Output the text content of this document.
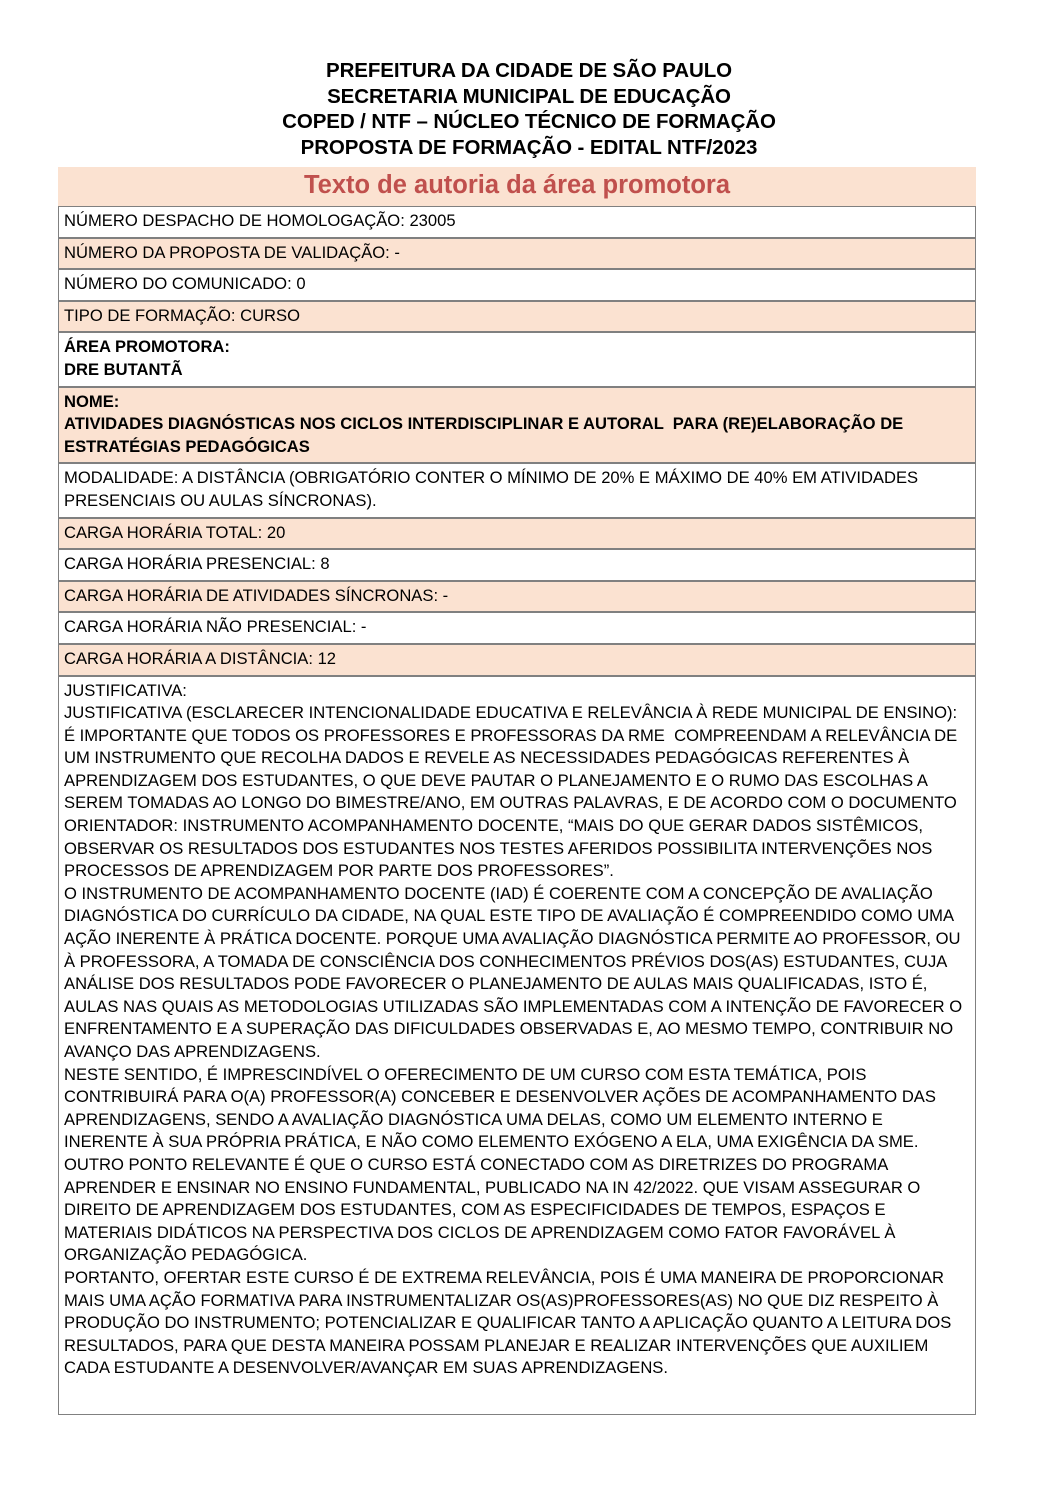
PREFEITURA DA CIDADE DE SÃO PAULO
SECRETARIA MUNICIPAL DE EDUCAÇÃO
COPED / NTF – NÚCLEO TÉCNICO DE FORMAÇÃO
PROPOSTA DE FORMAÇÃO - EDITAL NTF/2023
Texto de autoria da área promotora
NÚMERO DESPACHO DE HOMOLOGAÇÃO: 23005
NÚMERO DA PROPOSTA DE VALIDAÇÃO: -
NÚMERO DO COMUNICADO: 0
TIPO DE FORMAÇÃO: CURSO

ÁREA PROMOTORA:
DRE BUTANTÃ

NOME:
ATIVIDADES DIAGNÓSTICAS NOS CICLOS INTERDISCIPLINAR E AUTORAL  PARA (RE)ELABORAÇÃO DE ESTRATÉGIAS PEDAGÓGICAS

MODALIDADE: A DISTÂNCIA (OBRIGATÓRIO CONTER O MÍNIMO DE 20% E MÁXIMO DE 40% EM ATIVIDADES PRESENCIAIS OU AULAS SÍNCRONAS).
CARGA HORÁRIA TOTAL: 20
CARGA HORÁRIA PRESENCIAL: 8
CARGA HORÁRIA DE ATIVIDADES SÍNCRONAS: -
CARGA HORÁRIA NÃO PRESENCIAL: -
CARGA HORÁRIA A DISTÂNCIA: 12

JUSTIFICATIVA:
JUSTIFICATIVA (ESCLARECER INTENCIONALIDADE EDUCATIVA E RELEVÂNCIA À REDE MUNICIPAL DE ENSINO):
É IMPORTANTE QUE TODOS OS PROFESSORES E PROFESSORAS DA RME  COMPREENDAM A RELEVÂNCIA DE UM INSTRUMENTO QUE RECOLHA DADOS E REVELE AS NECESSIDADES PEDAGÓGICAS REFERENTES À APRENDIZAGEM DOS ESTUDANTES, O QUE DEVE PAUTAR O PLANEJAMENTO E O RUMO DAS ESCOLHAS A SEREM TOMADAS AO LONGO DO BIMESTRE/ANO, EM OUTRAS PALAVRAS, E DE ACORDO COM O DOCUMENTO ORIENTADOR: INSTRUMENTO ACOMPANHAMENTO DOCENTE, “MAIS DO QUE GERAR DADOS SISTÊMICOS, OBSERVAR OS RESULTADOS DOS ESTUDANTES NOS TESTES AFERIDOS POSSIBILITA INTERVENÇÕES NOS PROCESSOS DE APRENDIZAGEM POR PARTE DOS PROFESSORES”.
O INSTRUMENTO DE ACOMPANHAMENTO DOCENTE (IAD) É COERENTE COM A CONCEPÇÃO DE AVALIAÇÃO DIAGNÓSTICA DO CURRÍCULO DA CIDADE, NA QUAL ESTE TIPO DE AVALIAÇÃO É COMPREENDIDO COMO UMA AÇÃO INERENTE À PRÁTICA DOCENTE. PORQUE UMA AVALIAÇÃO DIAGNÓSTICA PERMITE AO PROFESSOR, OU À PROFESSORA, A TOMADA DE CONSCIÊNCIA DOS CONHECIMENTOS PRÉVIOS DOS(AS) ESTUDANTES, CUJA ANÁLISE DOS RESULTADOS PODE FAVORECER O PLANEJAMENTO DE AULAS MAIS QUALIFICADAS, ISTO É, AULAS NAS QUAIS AS METODOLOGIAS UTILIZADAS SÃO IMPLEMENTADAS COM A INTENÇÃO DE FAVORECER O ENFRENTAMENTO E A SUPERAÇÃO DAS DIFICULDADES OBSERVADAS E, AO MESMO TEMPO, CONTRIBUIR NO AVANÇO DAS APRENDIZAGENS.
NESTE SENTIDO, É IMPRESCINDÍVEL O OFERECIMENTO DE UM CURSO COM ESTA TEMÁTICA, POIS CONTRIBUIRÁ PARA O(A) PROFESSOR(A) CONCEBER E DESENVOLVER AÇÕES DE ACOMPANHAMENTO DAS APRENDIZAGENS, SENDO A AVALIAÇÃO DIAGNÓSTICA UMA DELAS, COMO UM ELEMENTO INTERNO E INERENTE À SUA PRÓPRIA PRÁTICA, E NÃO COMO ELEMENTO EXÓGENO A ELA, UMA EXIGÊNCIA DA SME. OUTRO PONTO RELEVANTE É QUE O CURSO ESTÁ CONECTADO COM AS DIRETRIZES DO PROGRAMA APRENDER E ENSINAR NO ENSINO FUNDAMENTAL, PUBLICADO NA IN 42/2022. QUE VISAM ASSEGURAR O DIREITO DE APRENDIZAGEM DOS ESTUDANTES, COM AS ESPECIFICIDADES DE TEMPOS, ESPAÇOS E MATERIAIS DIDÁTICOS NA PERSPECTIVA DOS CICLOS DE APRENDIZAGEM COMO FATOR FAVORÁVEL À ORGANIZAÇÃO PEDAGÓGICA.
PORTANTO, OFERTAR ESTE CURSO É DE EXTREMA RELEVÂNCIA, POIS É UMA MANEIRA DE PROPORCIONAR MAIS UMA AÇÃO FORMATIVA PARA INSTRUMENTALIZAR OS(AS)PROFESSORES(AS) NO QUE DIZ RESPEITO À PRODUÇÃO DO INSTRUMENTO; POTENCIALIZAR E QUALIFICAR TANTO A APLICAÇÃO QUANTO A LEITURA DOS RESULTADOS, PARA QUE DESTA MANEIRA POSSAM PLANEJAR E REALIZAR INTERVENÇÕES QUE AUXILIEM CADA ESTUDANTE A DESENVOLVER/AVANÇAR EM SUAS APRENDIZAGENS.
